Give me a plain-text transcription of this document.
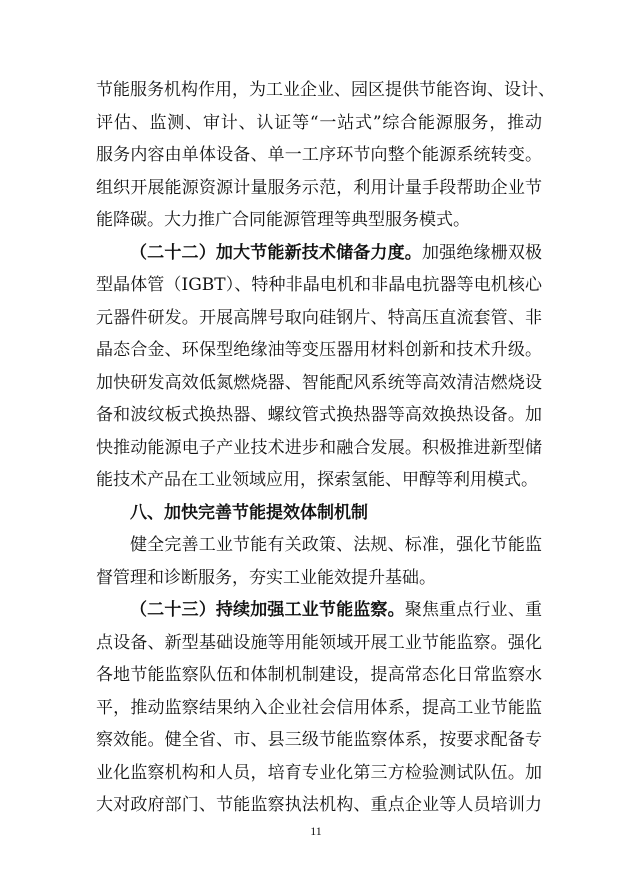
节能服务机构作用，为工业企业、园区提供节能咨询、设计、
评估、监测、审计、认证等“一站式”综合能源服务，推动
服务内容由单体设备、单一工序环节向整个能源系统转变。
组织开展能源资源计量服务示范，利用计量手段帮助企业节
能降碳。大力推广合同能源管理等典型服务模式。
（二十二）加大节能新技术储备力度。加强绝缘栅双极
型晶体管（IGBT）、特种非晶电机和非晶电抗器等电机核心
元器件研发。开展高牌号取向硅钢片、特高压直流套管、非
晶态合金、环保型绝缘油等变压器用材料创新和技术升级。
加快研发高效低氮燃烧器、智能配风系统等高效清洁燃烧设
备和波纹板式换热器、螺纹管式换热器等高效换热设备。加
快推动能源电子产业技术进步和融合发展。积极推进新型储
能技术产品在工业领域应用，探索氢能、甲醇等利用模式。
八、加快完善节能提效体制机制
健全完善工业节能有关政策、法规、标准，强化节能监
督管理和诊断服务，夯实工业能效提升基础。
（二十三）持续加强工业节能监察。聚焦重点行业、重
点设备、新型基础设施等用能领域开展工业节能监察。强化
各地节能监察队伍和体制机制建设，提高常态化日常监察水
平，推动监察结果纳入企业社会信用体系，提高工业节能监
察效能。健全省、市、县三级节能监察体系，按要求配备专
业化监察机构和人员，培育专业化第三方检验测试队伍。加
大对政府部门、节能监察执法机构、重点企业等人员培训力
11
